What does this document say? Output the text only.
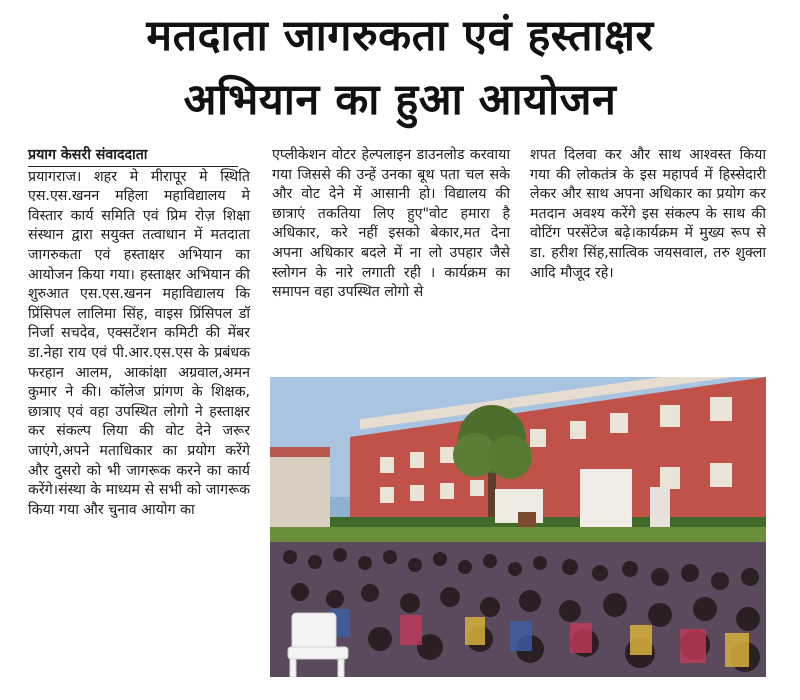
मतदाता जागरुकता एवं हस्ताक्षर
अभियान का हुआ आयोजन
प्रयाग केसरी संवाददाता
प्रयागराज। शहर मे मीरापूर मे स्थिति एस.एस.खनन महिला महाविद्यालय मे विस्तार कार्य समिति एवं प्रिम रोज़ शिक्षा संस्थान द्वारा सयुक्त तत्वाधान में मतदाता जागरुकता एवं हस्ताक्षर अभियान का आयोजन किया गया। हस्ताक्षर अभियान की शुरुआत एस.एस.खनन महाविद्यालय कि प्रिंसिपल लालिमा सिंह, वाइस प्रिंसिपल डॉ निर्जा सचदेव, एक्सटेंशन कमिटी की मेंबर डा.नेहा राय एवं पी.आर.एस.एस के प्रबंधक फरहान आलम, आकांक्षा अग्रवाल,अमन कुमार ने की। कॉलेज प्रांगण के शिक्षक, छात्राए एवं वहा उपस्थित लोगो ने हस्ताक्षर कर संकल्प लिया की वोट देने जरूर जाएंगे,अपने मताधिकार का प्रयोग करेंगे और दुसरो को भी जागरूक करने का कार्य करेंगे।संस्था के माध्यम से सभी को जागरूक किया गया और चुनाव आयोग का
एप्लीकेशन वोटर हेल्पलाइन डाउनलोड करवाया गया जिससे की उन्हें उनका बूथ पता चल सके और वोट देने में आसानी हो। विद्यालय की छात्राएं तकतिया लिए हुए"वोट हमारा है अधिकार, करे नहीं इसको बेकार,मत देना अपना अधिकार बदले में ना लो उपहार जैसे स्लोगन के नारे लगाती रही । कार्यक्रम का समापन वहा उपस्थित लोगो से
शपत दिलवा कर और साथ आश्वस्त किया गया की लोकतंत्र के इस महापर्व में हिस्सेदारी लेकर और साथ अपना अधिकार का प्रयोग कर मतदान अवश्य करेंगे इस संकल्प के साथ की वोटिंग परसेंटेज बढ़े।कार्यक्रम में मुख्य रूप से डा. हरीश सिंह,सात्विक जयसवाल, तरु शुक्ला आदि मौजूद रहे।
